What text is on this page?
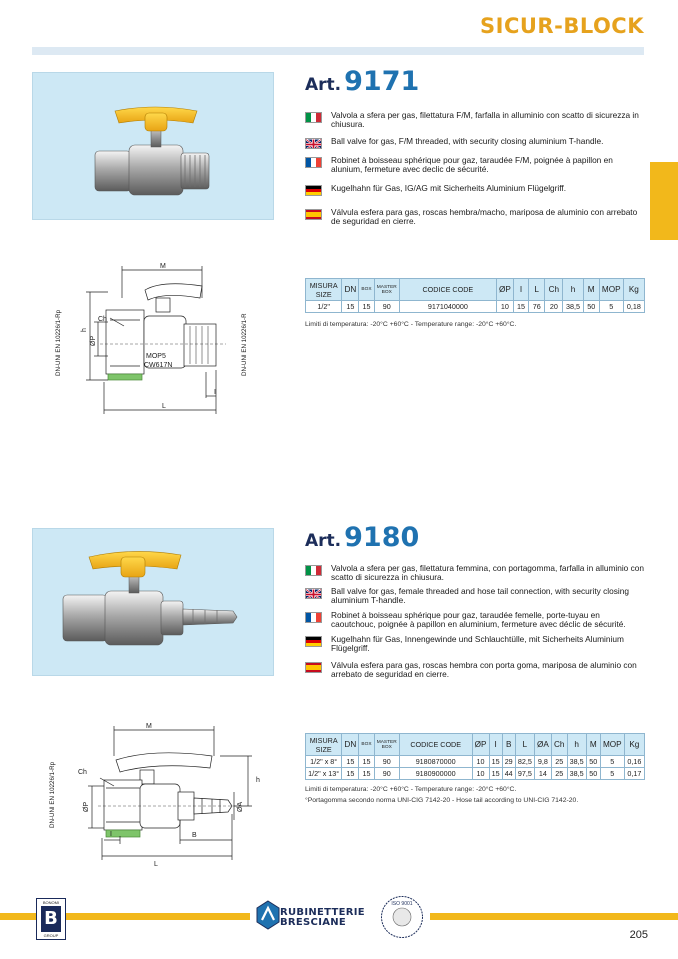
SICUR-BLOCK
Art. 9171
Valvola a sfera per gas, filettatura F/M, farfalla in alluminio con scatto di sicurezza in chiusura.
Ball valve for gas, F/M threaded, with security closing aluminium T-handle.
Robinet à boisseau sphérique pour gaz, taraudée F/M, poignée à papillon en alunium, fermeture avec declic de sécurité.
Kugelhahn für Gas, IG/AG mit Sicherheits Aluminium Flügelgriff.
Válvula esfera para gas, roscas hembra/macho, mariposa de aluminio con arrebato de seguridad en cierre.
MISURA SIZE	DN	BOX	MASTER BOX	CODICE CODE	ØP	I	L	Ch	h	M	MOP	Kg
1/2"	15	15	90	9171040000	10	15	76	20	38,5	50	5	0,18
Limiti di temperatura: -20°C +60°C - Temperature range: -20°C +60°C.
M
Ch
h
ØP
I
L
MOP5
CW617N
DN-UNI EN 10226/1-Rp	DN-UNI EN 10226/1-R
Art. 9180
Valvola a sfera per gas, filettatura femmina, con portagomma, farfalla in alluminio con scatto di sicurezza in chiusura.
Ball valve for gas, female threaded and hose tail connection, with security closing aluminium T-handle.
Robinet à boisseau sphérique pour gaz, taraudée femelle, porte-tuyau en caoutchouc, poignée à papillon en aluminium, fermeture avec déclic de sécurité.
Kugelhahn für Gas, Innengewinde und Schlauchtülle, mit Sicherheits Aluminium Flügelgriff.
Válvula esfera para gas, roscas hembra con porta goma, mariposa de aluminio con arrebato de seguridad en cierre.
MISURA SIZE	DN	BOX	MASTER BOX	CODICE CODE	ØP	I	B	L	ØA	Ch	h	M	MOP	Kg
1/2" x 8°	15	15	90	9180870000	10	15	29	82,5	9,8	25	38,5	50	5	0,16
1/2" x 13°	15	15	90	9180900000	10	15	44	97,5	14	25	38,5	50	5	0,17
Limiti di temperatura: -20°C +60°C - Temperature range: -20°C +60°C.
°Portagomma secondo norma UNI-CIG 7142-20 - Hose tail according to UNI-CIG 7142-20.
M
Ch
h
ØP	ØA
I	B
L
DN-UNI EN 10226/1-Rp
BONOMI
B
GROUP
RUBINETTERIE
BRESCIANE
ISO 9001
205
